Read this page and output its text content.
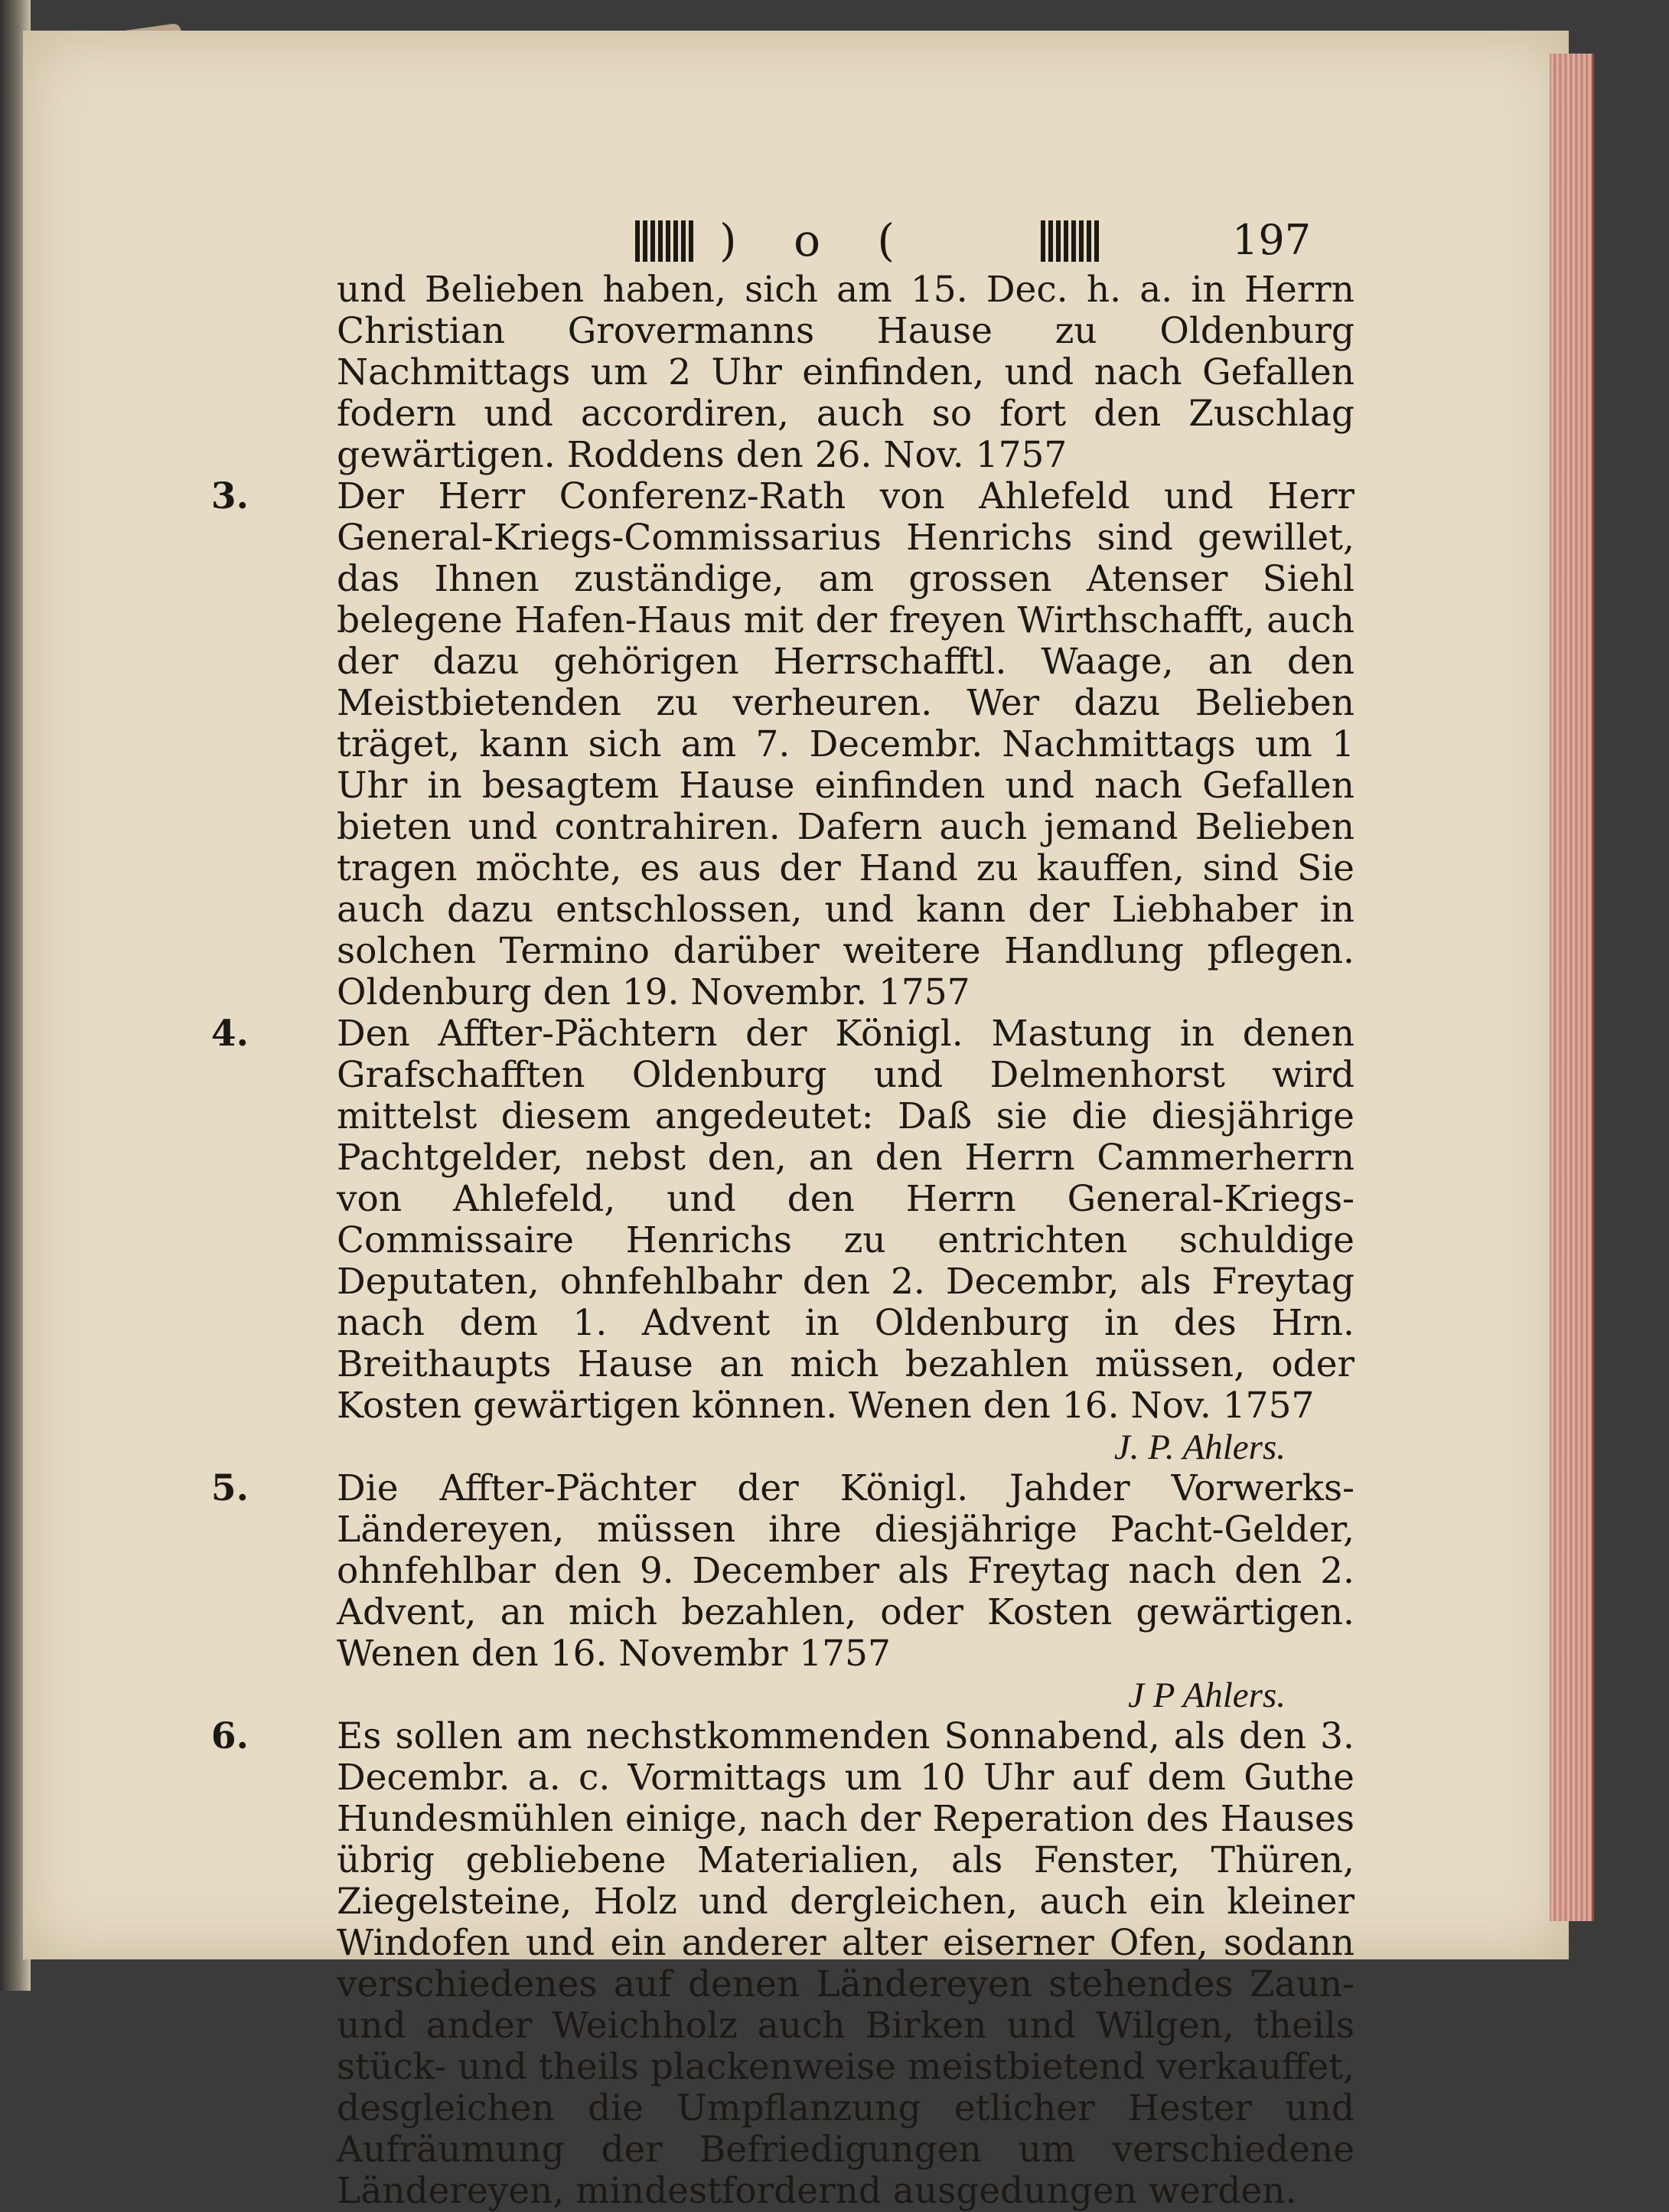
) o (	197

und Belieben haben, sich am 15. Dec. h. a. in Herrn Christian Grovermanns Hause zu Oldenburg Nachmittags um 2 Uhr einfinden, und nach Gefallen fodern und accordiren, auch so fort den Zuschlag gewärtigen. Roddens den 26. Nov. 1757

3. Der Herr Conferenz-Rath von Ahlefeld und Herr General-Kriegs-Commissarius Henrichs sind gewillet, das Ihnen zuständige, am grossen Atenser Siehl belegene Hafen-Haus mit der freyen Wirthschafft, auch der dazu gehörigen Herrschafftl. Waage, an den Meistbietenden zu verheuren. Wer dazu Belieben träget, kann sich am 7. Decembr. Nachmittags um 1 Uhr in besagtem Hause einfinden und nach Gefallen bieten und contrahiren. Dafern auch jemand Belieben tragen möchte, es aus der Hand zu kauffen, sind Sie auch dazu entschlossen, und kann der Liebhaber in solchen Termino darüber weitere Handlung pflegen. Oldenburg den 19. Novembr. 1757

4. Den Affter-Pächtern der Königl. Mastung in denen Grafschafften Oldenburg und Delmenhorst wird mittelst diesem angedeutet: Daß sie die diesjährige Pachtgelder, nebst den, an den Herrn Cammerherrn von Ahlefeld, und den Herrn General-Kriegs-Commissaire Henrichs zu entrichten schuldige Deputaten, ohnfehlbahr den 2. Decembr, als Freytag nach dem 1. Advent in Oldenburg in des Hrn. Breithaupts Hause an mich bezahlen müssen, oder Kosten gewärtigen können. Wenen den 16. Nov. 1757

J. P. Ahlers.
5. Die Affter-Pächter der Königl. Jahder Vorwerks-Ländereyen, müssen ihre diesjährige Pacht-Gelder, ohnfehlbar den 9. December als Freytag nach den 2. Advent, an mich bezahlen, oder Kosten gewärtigen. Wenen den 16. Novembr 1757

J P Ahlers.
6. Es sollen am nechstkommenden Sonnabend, als den 3. Decembr. a. c. Vormittags um 10 Uhr auf dem Guthe Hundesmühlen einige, nach der Reperation des Hauses übrig gebliebene Materialien, als Fenster, Thüren, Ziegelsteine, Holz und dergleichen, auch ein kleiner Windofen und ein anderer alter eiserner Ofen, sodann verschiedenes auf denen Ländereyen stehendes Zaun- und ander Weichholz auch Birken und Wilgen, theils stück- und theils plackenweise meistbietend verkauffet, desgleichen die Umpflanzung etlicher Hester und Aufräumung der Befriedigungen um verschiedene Ländereyen, mindestfordernd ausgedungen werden.
